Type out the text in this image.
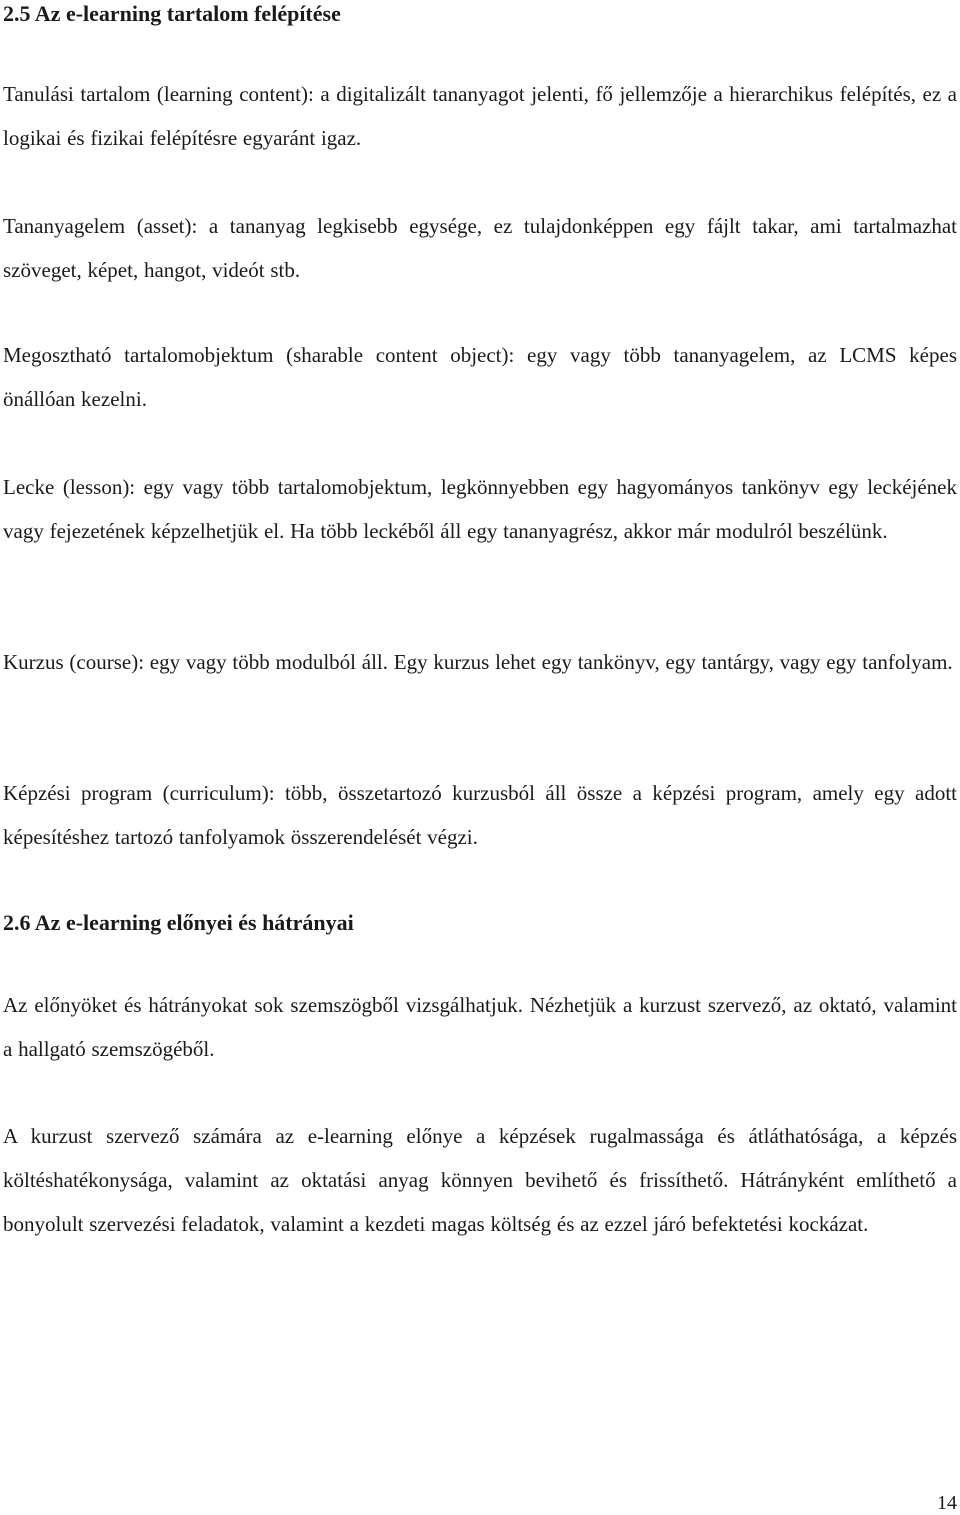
2.5 Az e-learning tartalom felépítése

Tanulási tartalom (learning content): a digitalizált tananyagot jelenti, fő jellemzője a hierarchikus felépítés, ez a logikai és fizikai felépítésre egyaránt igaz.

Tananyagelem (asset): a tananyag legkisebb egysége, ez tulajdonképpen egy fájlt takar, ami tartalmazhat szöveget, képet, hangot, videót stb.

Megosztható tartalomobjektum (sharable content object): egy vagy több tananyagelem, az LCMS képes önállóan kezelni.

Lecke (lesson): egy vagy több tartalomobjektum, legkönnyebben egy hagyományos tankönyv egy leckéjének vagy fejezetének képzelhetjük el. Ha több leckéből áll egy tananyagrész, akkor már modulról beszélünk.

Kurzus (course): egy vagy több modulból áll. Egy kurzus lehet egy tankönyv, egy tantárgy, vagy egy tanfolyam.

Képzési program (curriculum): több, összetartozó kurzusból áll össze a képzési program, amely egy adott képesítéshez tartozó tanfolyamok összerendelését végzi.

2.6 Az e-learning előnyei és hátrányai

Az előnyöket és hátrányokat sok szemszögből vizsgálhatjuk. Nézhetjük a kurzust szervező, az oktató, valamint a hallgató szemszögéből.

A kurzust szervező számára az e-learning előnye a képzések rugalmassága és átláthatósága, a képzés költéshatékonysága, valamint az oktatási anyag könnyen bevihető és frissíthető. Hátrányként említhető a bonyolult szervezési feladatok, valamint a kezdeti magas költség és az ezzel járó befektetési kockázat.

14
